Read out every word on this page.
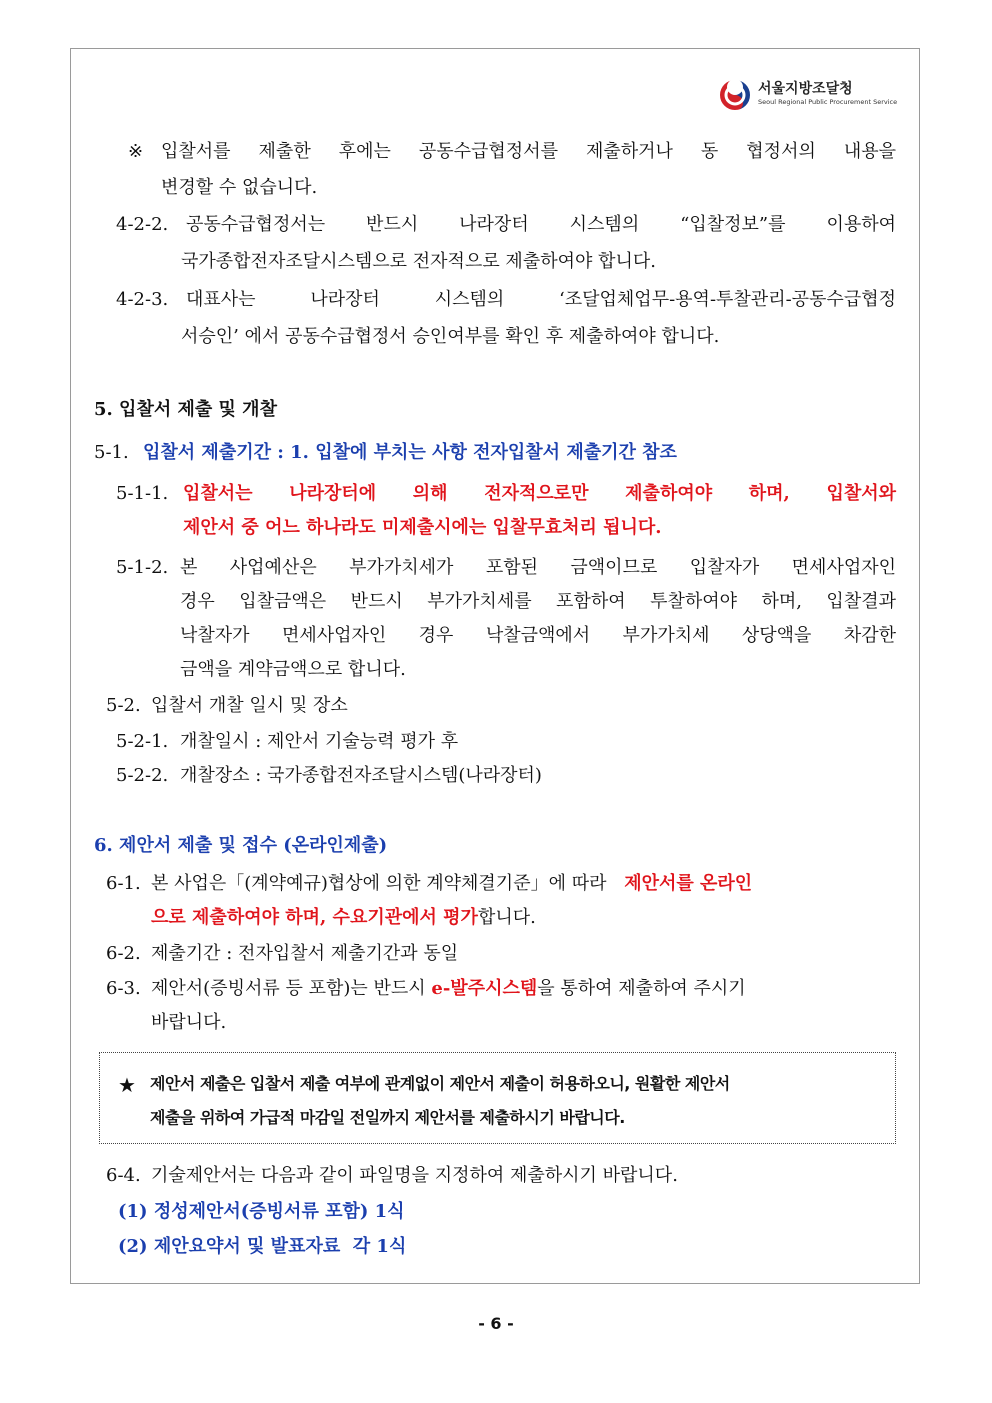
서울지방조달청
Seoul Regional Public Procurement Service
※ 입찰서를 제출한 후에는 공동수급협정서를 제출하거나 동 협정서의 내용을
변경할 수 없습니다.
4-2-2. 공동수급협정서는 반드시 나라장터 시스템의 “입찰정보”를 이용하여
국가종합전자조달시스템으로 전자적으로 제출하여야 합니다.
4-2-3. 대표사는 나라장터 시스템의 ‘조달업체업무-용역-투찰관리-공동수급협정
서승인’ 에서 공동수급협정서 승인여부를 확인 후 제출하여야 합니다.
5. 입찰서 제출 및 개찰
5-1. 입찰서 제출기간 : 1. 입찰에 부치는 사항 전자입찰서 제출기간 참조
5-1-1. 입찰서는 나라장터에 의해 전자적으로만 제출하여야 하며, 입찰서와
제안서 중 어느 하나라도 미제출시에는 입찰무효처리 됩니다.
5-1-2. 본 사업예산은 부가가치세가 포함된 금액이므로 입찰자가 면세사업자인
경우 입찰금액은 반드시 부가가치세를 포함하여 투찰하여야 하며, 입찰결과
낙찰자가 면세사업자인 경우 낙찰금액에서 부가가치세 상당액을 차감한
금액을 계약금액으로 합니다.
5-2. 입찰서 개찰 일시 및 장소
5-2-1. 개찰일시 : 제안서 기술능력 평가 후
5-2-2. 개찰장소 : 국가종합전자조달시스템(나라장터)
6. 제안서 제출 및 접수 (온라인제출)
6-1. 본 사업은「(계약예규)협상에 의한 계약체결기준」에 따라 제안서를 온라인
으로 제출하여야 하며, 수요기관에서 평가합니다.
6-2. 제출기간 : 전자입찰서 제출기간과 동일
6-3. 제안서(증빙서류 등 포함)는 반드시 e-발주시스템을 통하여 제출하여 주시기
바랍니다.
★ 제안서 제출은 입찰서 제출 여부에 관계없이 제안서 제출이 허용하오니, 원활한 제안서
제출을 위하여 가급적 마감일 전일까지 제안서를 제출하시기 바랍니다.
6-4. 기술제안서는 다음과 같이 파일명을 지정하여 제출하시기 바랍니다.
(1) 정성제안서(증빙서류 포함) 1식
(2) 제안요약서 및 발표자료  각 1식
- 6 -
